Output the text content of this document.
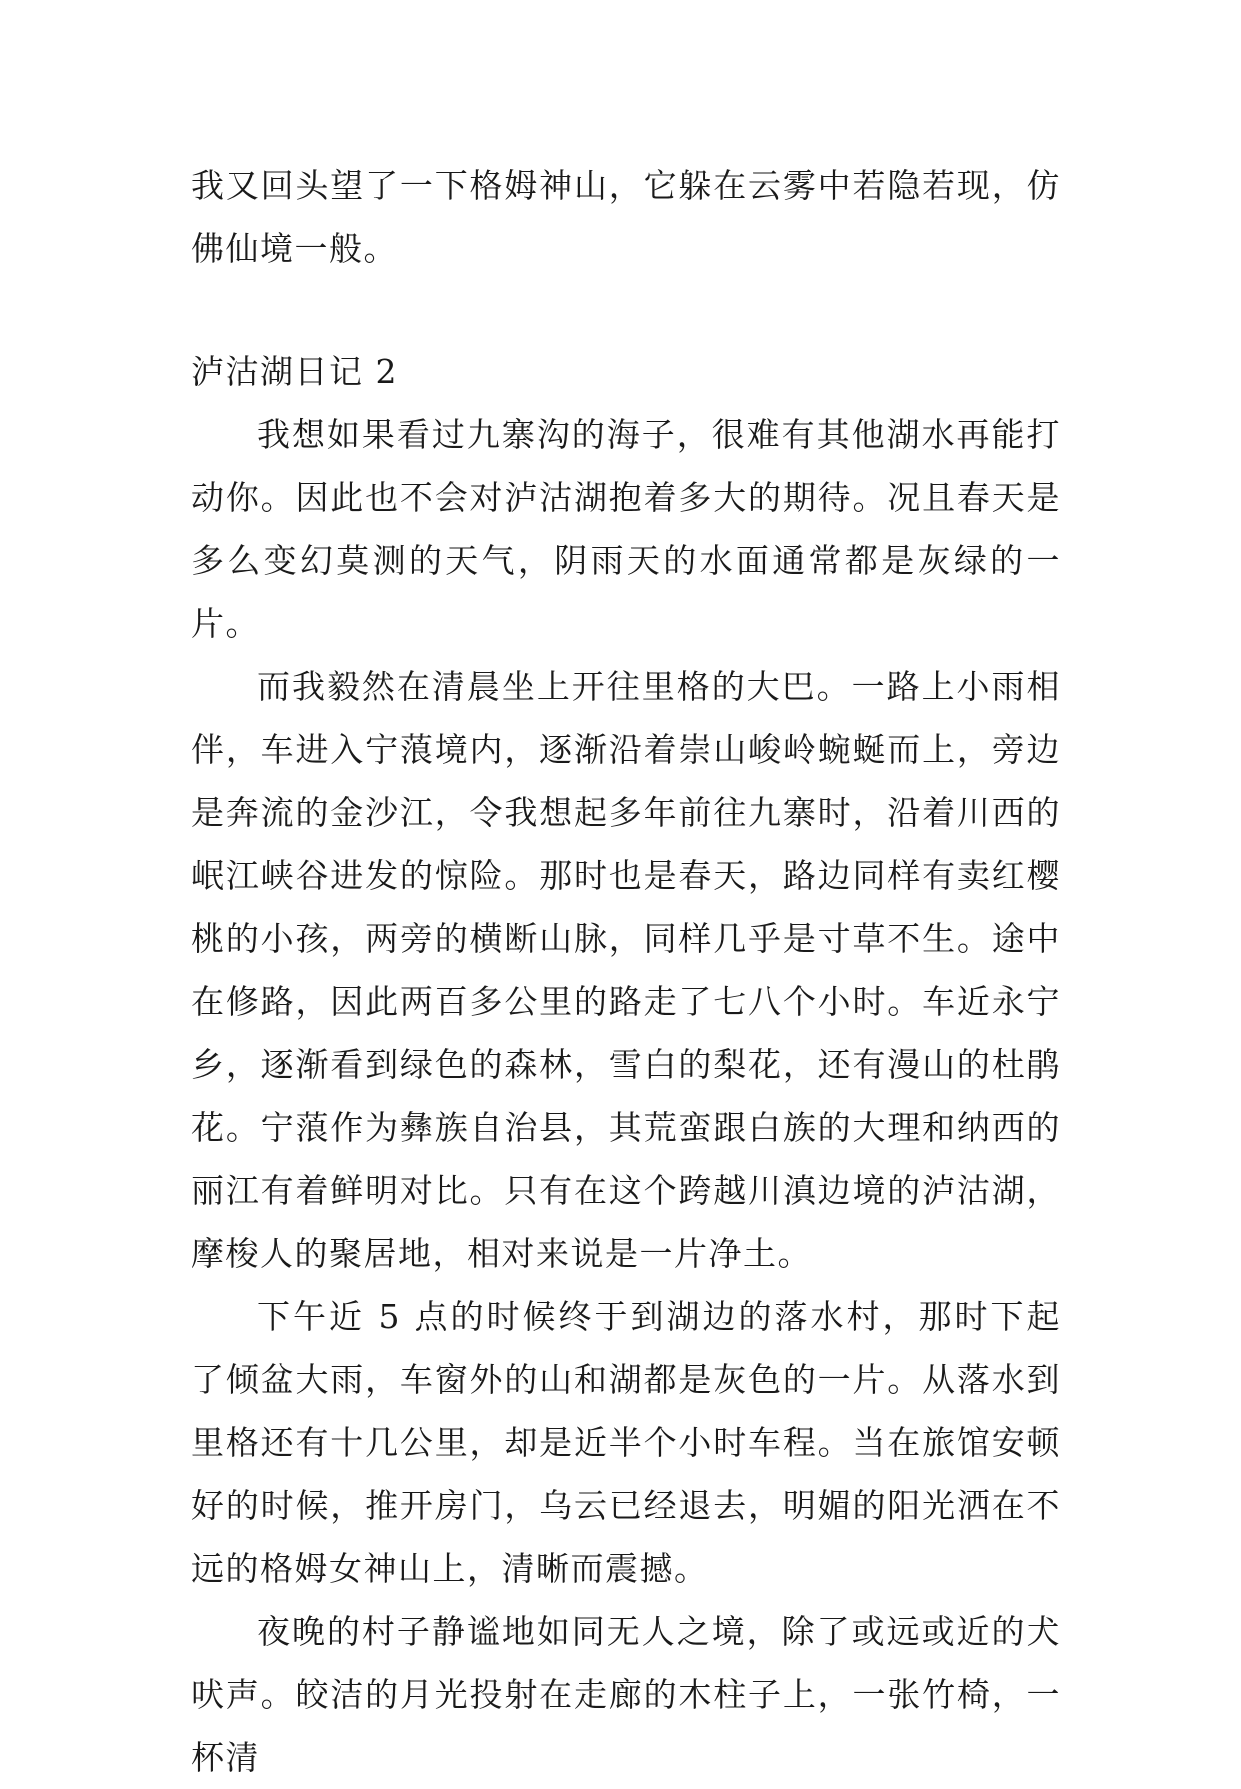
我又回头望了一下格姆神山，它躲在云雾中若隐若现，仿佛仙境一般。

泸沽湖日记 2

我想如果看过九寨沟的海子，很难有其他湖水再能打动你。因此也不会对泸沽湖抱着多大的期待。况且春天是多么变幻莫测的天气，阴雨天的水面通常都是灰绿的一片。

而我毅然在清晨坐上开往里格的大巴。一路上小雨相伴，车进入宁蒗境内，逐渐沿着崇山峻岭蜿蜒而上，旁边是奔流的金沙江，令我想起多年前往九寨时，沿着川西的岷江峡谷进发的惊险。那时也是春天，路边同样有卖红樱桃的小孩，两旁的横断山脉，同样几乎是寸草不生。途中在修路，因此两百多公里的路走了七八个小时。车近永宁乡，逐渐看到绿色的森林，雪白的梨花，还有漫山的杜鹃花。宁蒗作为彝族自治县，其荒蛮跟白族的大理和纳西的丽江有着鲜明对比。只有在这个跨越川滇边境的泸沽湖，摩梭人的聚居地，相对来说是一片净土。

下午近 5 点的时候终于到湖边的落水村，那时下起了倾盆大雨，车窗外的山和湖都是灰色的一片。从落水到里格还有十几公里，却是近半个小时车程。当在旅馆安顿好的时候，推开房门，乌云已经退去，明媚的阳光洒在不远的格姆女神山上，清晰而震撼。

夜晚的村子静谧地如同无人之境，除了或远或近的犬吠声。皎洁的月光投射在走廊的木柱子上，一张竹椅，一杯清
